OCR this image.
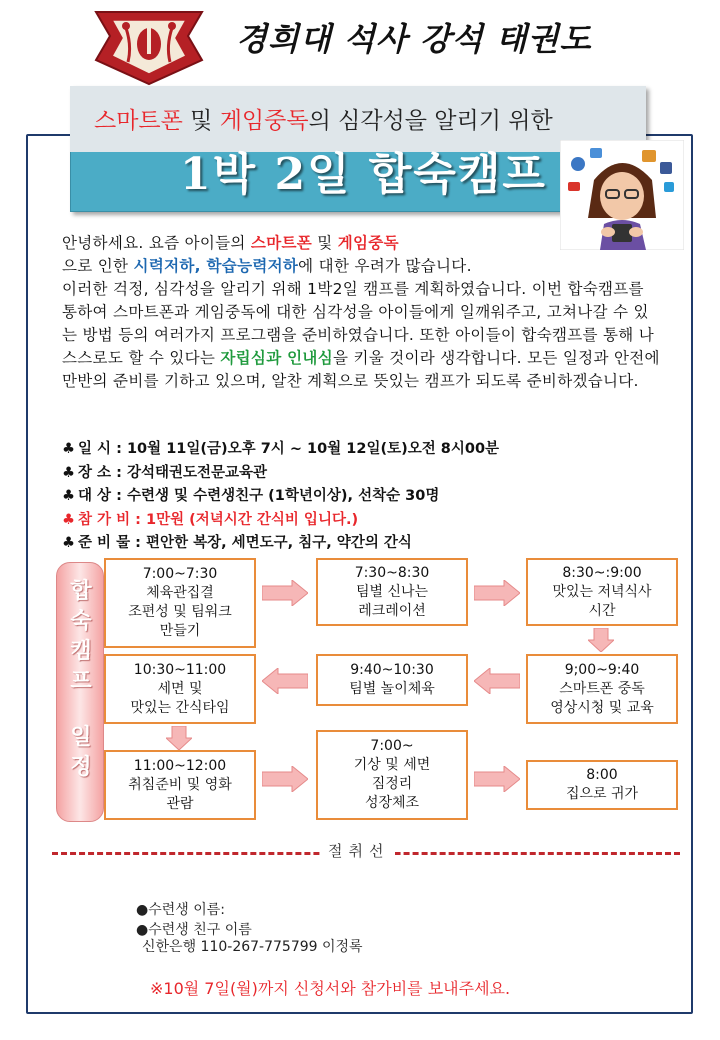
경희대 석사 강석 태권도
스마트폰 및 게임중독의 심각성을 알리기 위한
1박 2일 합숙캠프
안녕하세요. 요즘 아이들의 스마트폰 및 게임중독
으로 인한 시력저하, 학습능력저하에 대한 우려가 많습니다.
이러한 걱정, 심각성을 알리기 위해 1박2일 캠프를 계획하였습니다. 이번 합숙캠프를 통하여 스마트폰과 게임중독에 대한 심각성을 아이들에게 일깨워주고, 고쳐나갈 수 있는 방법 등의 여러가지 프로그램을 준비하였습니다. 또한 아이들이 합숙캠프를 통해 나 스스로도 할 수 있다는 자립심과 인내심을 키울 것이라 생각합니다. 모든 일정과 안전에 만반의 준비를 기하고 있으며, 알찬 계획으로 뜻있는 캠프가 되도록 준비하겠습니다.
♣ 일 시 : 10월 11일(금)오후 7시 ~ 10월 12일(토)오전 8시00분
♣ 장 소 : 강석태권도전문교육관
♣ 대 상 : 수련생 및 수련생친구 (1학년이상), 선착순 30명
♣ 참 가 비 : 1만원 (저녁시간 간식비 입니다.)
♣ 준 비 물 : 편안한 복장, 세면도구, 침구, 약간의 간식
합
숙
캠
프
일
정
7:00~7:30
체육관집결
조편성 및 팀워크
만들기
7:30~8:30
팀별 신나는
레크레이션
8:30~:9:00
맛있는 저녁식사
시간
9;00~9:40
스마트폰 중독
영상시청 및 교육
9:40~10:30
팀별 놀이체육
10:30~11:00
세면 및
맛있는 간식타임
11:00~12:00
취침준비 및 영화
관람
7:00~
기상 및 세면
짐정리
성장체조
8:00
집으로 귀가
절취선
●수련생 이름:
●수련생 친구 이름
신한은행 110-267-775799 이정록
※10월 7일(월)까지 신청서와 참가비를 보내주세요.
